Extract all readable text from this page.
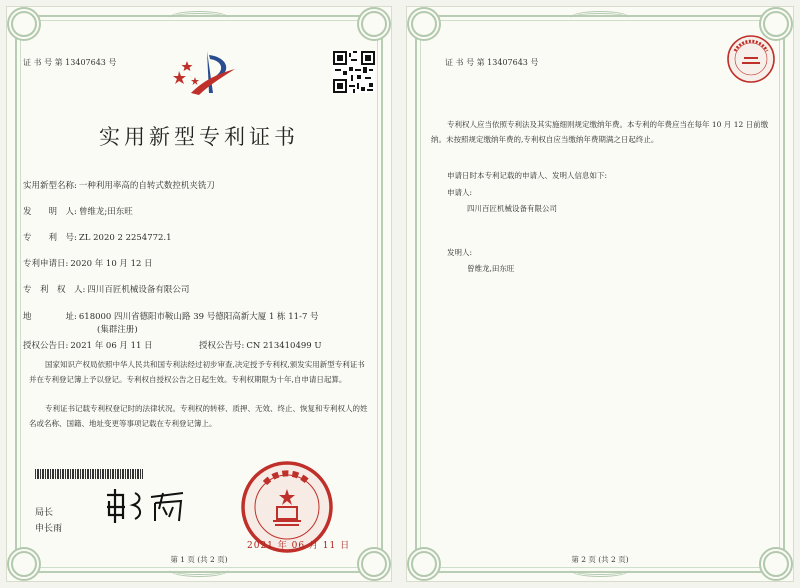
证 书 号 第 13407643 号
实用新型专利证书
实用新型名称: 一种利用率高的自转式数控机夹铣刀
发　　明　人: 曾维龙;田东旺
专　　利　号: ZL 2020 2 2254772.1
专利申请日: 2020 年 10 月 12 日
专　利　权　人: 四川百匠机械设备有限公司
地　　　　址: 618000 四川省德阳市鞍山路 39 号德阳高新大厦 1 栋 11-7 号
(集群注册)
授权公告日: 2021 年 06 月 11 日	授权公告号: CN 213410499 U
国家知识产权局依照中华人民共和国专利法经过初步审查,决定授予专利权,颁发实用新型专利证书并在专利登记簿上予以登记。专利权自授权公告之日起生效。专利权期限为十年,自申请日起算。
专利证书记载专利权登记时的法律状况。专利权的转移、质押、无效、终止、恢复和专利权人的姓名或名称、国籍、地址变更等事项记载在专利登记簿上。
局长
申长雨
2021 年 06 月 11 日
第 1 页 (共 2 页)
证 书 号 第 13407643 号
专利权人应当依照专利法及其实施细则规定缴纳年费。本专利的年费应当在每年 10 月 12 日前缴纳。未按照规定缴纳年费的,专利权自应当缴纳年费期满之日起终止。
申请日时本专利记载的申请人、发明人信息如下:
申请人:
四川百匠机械设备有限公司
发明人:
曾维龙,田东旺
第 2 页 (共 2 页)
